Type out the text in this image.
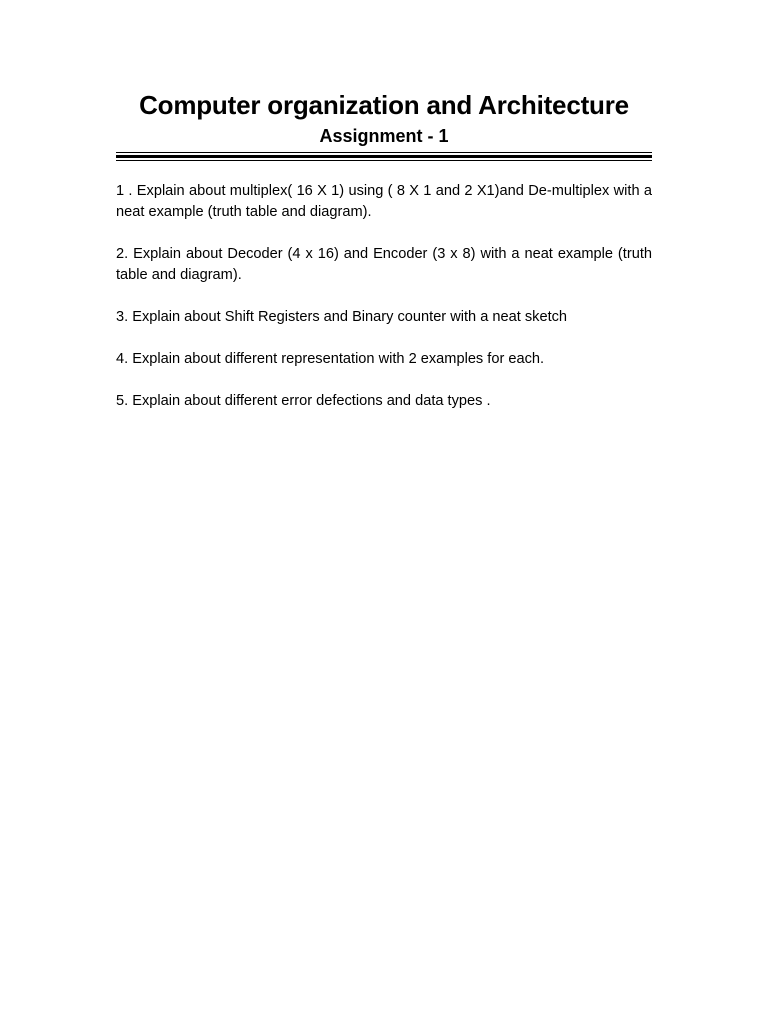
Computer organization and Architecture
Assignment - 1

1 . Explain about multiplex( 16 X 1) using ( 8 X 1 and 2 X1)and De-multiplex with a neat example (truth table and diagram).

2. Explain about Decoder (4 x 16) and Encoder (3 x 8) with a neat example (truth table and diagram).

3. Explain about Shift Registers and Binary counter with a neat sketch

4. Explain about different representation with 2 examples for each.

5. Explain about different error defections and data types .
